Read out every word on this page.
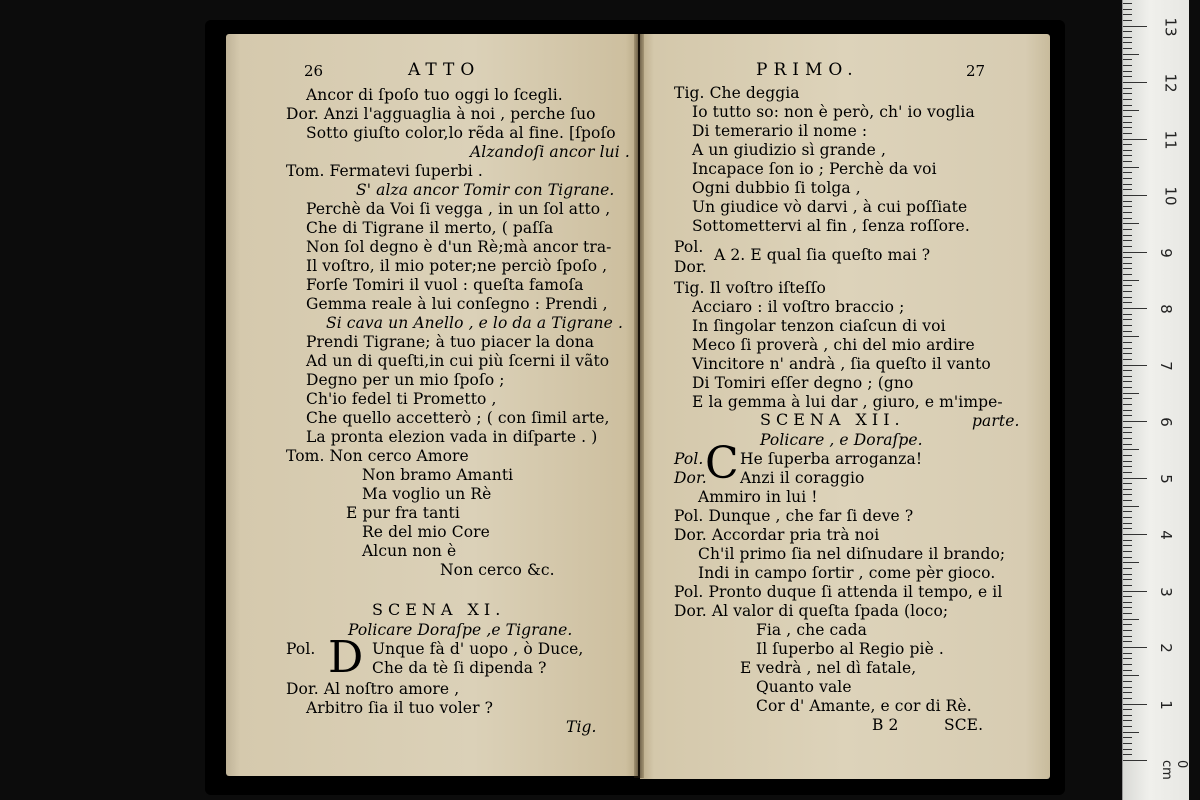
26	ATTO
SCENA XI.
D
Ancor di ſpoſo tuo oggi lo ſcegli.
Dor. Anzi l'agguaglia à noi , perche ſuo
Sotto giuſto color,lo rẽda al fine. [ſpoſo
Alzandoſi ancor lui .
Tom. Fermatevi ſuperbi .
S' alza ancor Tomir con Tigrane.
Perchè da Voi ſi vegga , in un ſol atto ,
Che di Tigrane il merto, ( paſſa
Non ſol degno è d'un Rè;mà ancor tra-
Il voſtro, il mio poter;ne perciò ſpoſo ,
Forſe Tomiri il vuol : queſta famoſa
Gemma reale à lui conſegno : Prendi ,
Si cava un Anello , e lo da a Tigrane .
Prendi Tigrane; à tuo piacer la dona
Ad un di queſti,in cui più ſcerni il vãto
Degno per un mio ſpoſo ;
Ch'io fedel ti Prometto ,
Che quello accetterò ; ( con ſimil arte,
La pronta elezion vada in diſparte . )
Tom. Non cerco Amore
Non bramo Amanti
Ma voglio un Rè
E pur fra tanti
Re del mio Core
Alcun non è
Non cerco &c.
Policare Doraſpe ,e Tigrane.
Pol.	Unque fà d' uopo , ò Duce,
Che da tè ſi dipenda ?
Dor. Al noſtro amore ,
Arbitro ſia il tuo voler ?
Tig.
PRIMO.	27
SCENA XII.
C
Tig. Che deggia
Io tutto so: non è però, ch' io voglia
Di temerario il nome :
A un giudizio sì grande ,
Incapace ſon io ; Perchè da voi
Ogni dubbio ſi tolga ,
Un giudice vò darvi , à cui poſſiate
Sottomettervi al fin , ſenza roſſore.
Pol. A 2. E qual ſia queſto mai ?
Dor.
Tig. Il voſtro iſteſſo
Acciaro : il voſtro braccio ;
In ſingolar tenzon ciaſcun di voi
Meco ſi proverà , chi del mio ardire
Vincitore n' andrà , ſia queſto il vanto
Di Tomiri eſſer degno ; (gno
E la gemma à lui dar , giuro, e m'impe-
parte.
Policare , e Doraſpe.
Pol. He ſuperba arroganza!
Dor. Anzi il coraggio
Ammiro in lui !
Pol. Dunque , che far ſi deve ?
Dor. Accordar pria trà noi
Ch'il primo ſia nel diſnudare il brando;
Indi in campo ſortir , come pèr gioco.
Pol. Pronto duque ſi attenda il tempo, e il
Dor. Al valor di queſta ſpada (loco;
Fia , che cada
Il ſuperbo al Regio piè .
E vedrà , nel dì fatale,
Quanto vale
Cor d' Amante, e cor di Rè.
B 2	SCE.
0 cm
1
2
3
4
5
6
7
8
9
10
11
12
13
